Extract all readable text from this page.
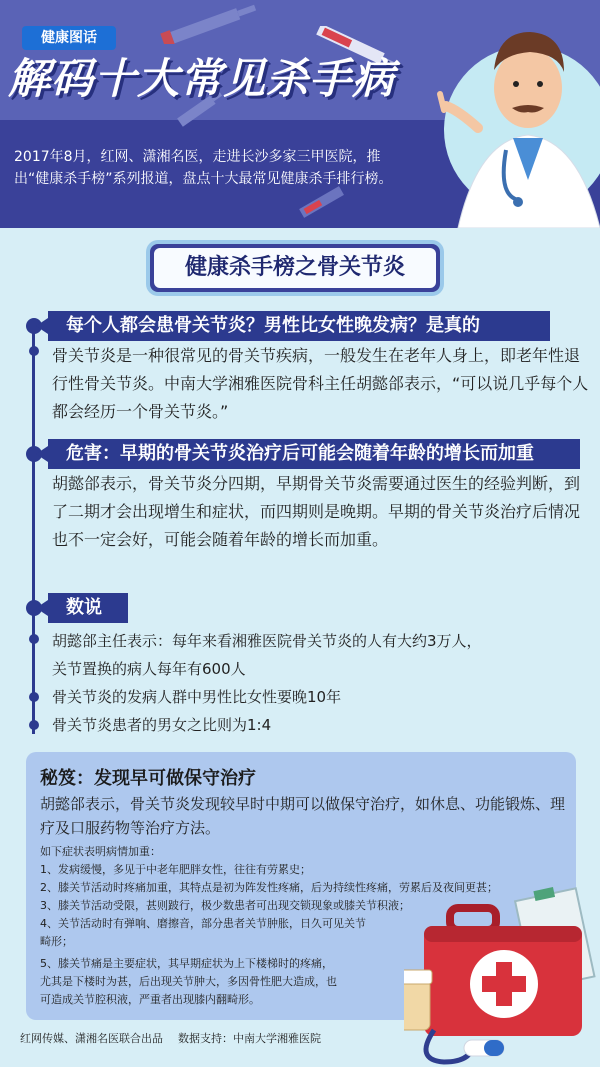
健康图话
解码十大常见杀手病
2017年8月，红网、潇湘名医，走进长沙多家三甲医院，推出“健康杀手榜”系列报道，盘点十大最常见健康杀手排行榜。
健康杀手榜之骨关节炎
每个人都会患骨关节炎？男性比女性晚发病？是真的
骨关节炎是一种很常见的骨关节疾病，一般发生在老年人身上，即老年性退行性骨关节炎。中南大学湘雅医院骨科主任胡懿郃表示，“可以说几乎每个人都会经历一个骨关节炎。”
危害：早期的骨关节炎治疗后可能会随着年龄的增长而加重
胡懿郃表示，骨关节炎分四期，早期骨关节炎需要通过医生的经验判断，到了二期才会出现增生和症状，而四期则是晚期。早期的骨关节炎治疗后情况也不一定会好，可能会随着年龄的增长而加重。
数说
胡懿郃主任表示：每年来看湘雅医院骨关节炎的人有大约3万人，
关节置换的病人每年有600人
骨关节炎的发病人群中男性比女性要晚10年
骨关节炎患者的男女之比则为1:4
秘笈：发现早可做保守治疗
胡懿郃表示，骨关节炎发现较早时中期可以做保守治疗，如休息、功能锻炼、理疗及口服药物等治疗方法。
如下症状表明病情加重：
1、发病缓慢，多见于中老年肥胖女性，往往有劳累史；
2、膝关节活动时疼痛加重，其特点是初为阵发性疼痛，后为持续性疼痛，劳累后及夜间更甚；
3、膝关节活动受限，甚则跛行，极少数患者可出现交锁现象或膝关节积液；
4、关节活动时有弹响、磨擦音，部分患者关节肿胀，日久可见关节
畸形；
5、膝关节痛是主要症状，其早期症状为上下楼梯时的疼痛，
尤其是下楼时为甚，后出现关节肿大，多因骨性肥大造成，也
可造成关节腔积液，严重者出现膝内翻畸形。
红网传媒、潇湘名医联合出品 数据支持：中南大学湘雅医院
